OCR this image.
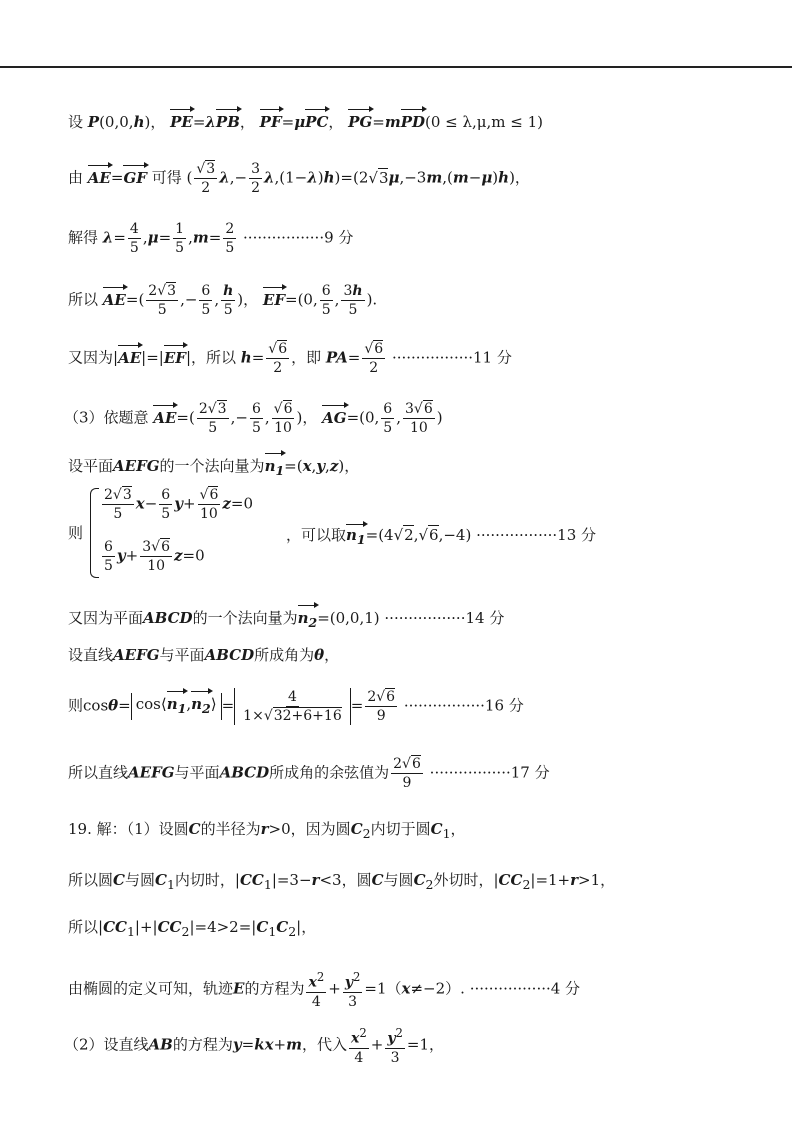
设 P(0,0,h)， PE=λPB， PF=μPC， PG=mPD(0 ≤ λ,μ,m ≤ 1)
由 AE=GF 可得 ( $\frac{√3}{2} \lambda,- \frac{3}{2} \lambda,(1-\lambda)h)=(2√3\mu,-3m,(m-\mu)h)$，
解得 $\lambda= \frac{4}{5} ,\mu= \frac{1}{5} ,m= \frac{2}{5} \cdot\cdot\cdot\cdot\cdot\cdot\cdot\cdot\cdot\cdot\cdot\cdot\cdot\cdot\cdot\cdot\cdot 9$ 分
所以 $AE=( \frac{2√3}{5}$ ,− $\frac{6}{5}$ , $\frac{h}{5}$ )， EF=(0, $\frac{6}{5}$ , $\frac{3h}{5}$ ).
又因为|AE|=|EF|，所以 $h= \frac{√6}{2}$ ，即 $PA= \frac{√6}{2} \cdot\cdot\cdot\cdot\cdot\cdot\cdot\cdot\cdot\cdot\cdot\cdot\cdot\cdot\cdot\cdot\cdot 11$ 分
（3）依题意 $AE=( \frac{2√3}{5}$ ,− $\frac{6}{5}$ , $\frac{√6}{10}$ )， AG=(0, $\frac{6}{5}$ , $\frac{3√6}{10}$ )
设平面AEFG的一个法向量为$n_1=(x,y,z)$，
则
$\frac{2√3}{5} x- \frac{6}{5} y+ \frac{√6}{10} z=0$
$\frac{6}{5} y+ \frac{3√6}{10} z=0$
，可以取$n_1=(4√2,√6,-4) \cdot\cdot\cdot\cdot\cdot\cdot\cdot\cdot\cdot\cdot\cdot\cdot\cdot\cdot\cdot\cdot\cdot 13$ 分
又因为平面ABCD的一个法向量为$n_2=(0,0,1) \cdot\cdot\cdot\cdot\cdot\cdot\cdot\cdot\cdot\cdot\cdot\cdot\cdot\cdot\cdot\cdot\cdot 14$ 分
设直线AEFG与平面ABCD所成角为θ，
则$\cos\theta= \cos⟨n_1,n_2⟩ = \frac{4}{1\times√32+6+16} = \frac{2√6}{9} \cdot\cdot\cdot\cdot\cdot\cdot\cdot\cdot\cdot\cdot\cdot\cdot\cdot\cdot\cdot\cdot\cdot 16$ 分
所以直线AEFG与平面ABCD所成角的余弦值为 $\frac{2√6}{9} \cdot\cdot\cdot\cdot\cdot\cdot\cdot\cdot\cdot\cdot\cdot\cdot\cdot\cdot\cdot\cdot\cdot 17$ 分
19. 解：（1）设圆C的半径为r>0，因为圆$C_2$内切于圆$C_1$，
所以圆C与圆$C_1$内切时，$|CC_1|=3-r<3$，圆C与圆$C_2$外切时，$|CC_2|=1+r>1$，
所以$|CC_1|+|CC_2|=4>2=|C_1C_2|$，
由椭圆的定义可知，轨迹E的方程为 $\frac{x^2}{4} + \frac{y^2}{3} =1(x\ne-2)$. ·················4 分
（2）设直线AB的方程为y=kx+m，代入 $\frac{x^2}{4} + \frac{y^2}{3} =1$，
